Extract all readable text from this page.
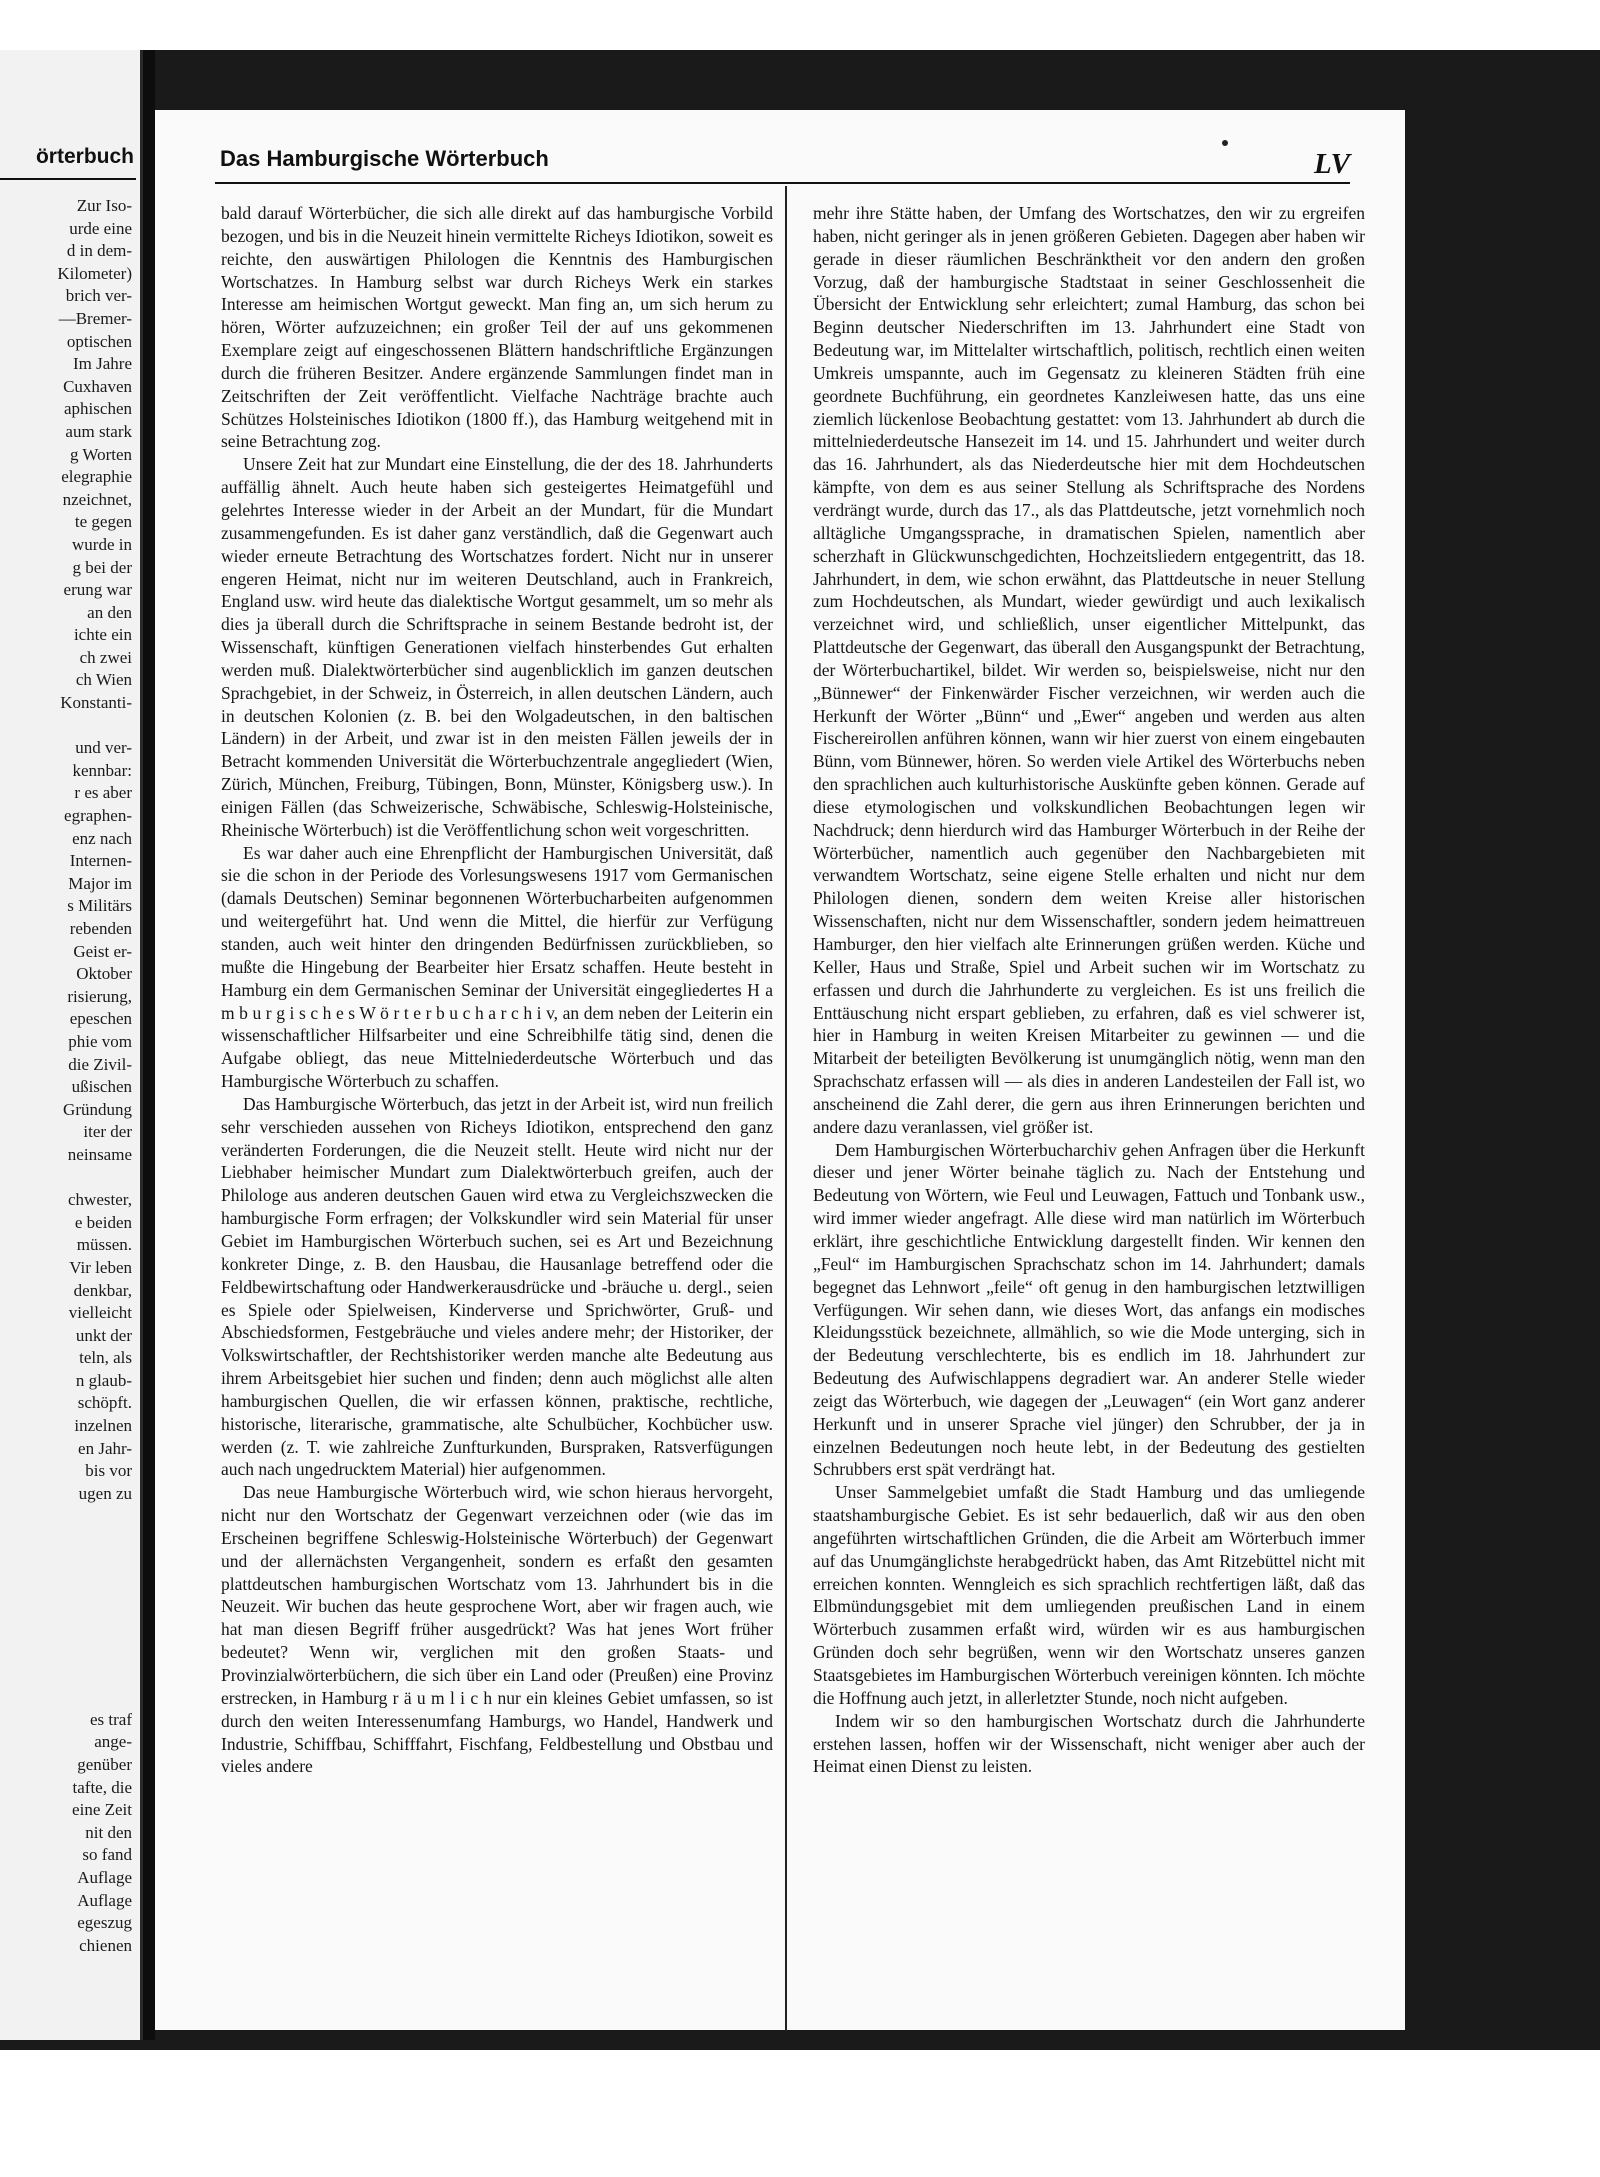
örterbuch
Zur Iso-
urde eine
d in dem-
Kilometer)
brich ver-
—Bremer-
optischen
Im Jahre
Cuxhaven
aphischen
aum stark
g Worten
elegraphie
nzeichnet,
te gegen
wurde in
g bei der
erung war
an den
ichte ein
ch zwei
ch Wien
Konstanti-

und ver-
kennbar:
r es aber
egraphen-
enz nach
Internen-
Major im
s Militärs
rebenden
Geist er-
Oktober
risierung,
epeschen
phie vom
die Zivil-
ußischen
Gründung
iter der
neinsame

chwester,
e beiden
müssen.
Vir leben
denkbar,
vielleicht
unkt der
teln, als
n glaub-
schöpft.
inzelnen
en Jahr-
bis vor
ugen zu

es traf
ange-
genüber
tafte, die
eine Zeit
nit den
so fand
Auflage
Auflage
egeszug
chienen
Das Hamburgische Wörterbuch	LV

bald darauf Wörterbücher, die sich alle direkt auf das hamburgische Vorbild bezogen, und bis in die Neuzeit hinein vermittelte Richeys Idiotikon, soweit es reichte, den auswärtigen Philologen die Kenntnis des Hamburgischen Wortschatzes. In Hamburg selbst war durch Richeys Werk ein starkes Interesse am heimischen Wortgut geweckt. Man fing an, um sich herum zu hören, Wörter aufzuzeichnen; ein großer Teil der auf uns gekommenen Exemplare zeigt auf eingeschossenen Blättern handschriftliche Ergänzungen durch die früheren Besitzer. Andere ergänzende Sammlungen findet man in Zeitschriften der Zeit veröffentlicht. Vielfache Nachträge brachte auch Schützes Holsteinisches Idiotikon (1800 ff.), das Hamburg weitgehend mit in seine Betrachtung zog.

Unsere Zeit hat zur Mundart eine Einstellung, die der des 18. Jahrhunderts auffällig ähnelt. Auch heute haben sich gesteigertes Heimatgefühl und gelehrtes Interesse wieder in der Arbeit an der Mundart, für die Mundart zusammengefunden. Es ist daher ganz verständlich, daß die Gegenwart auch wieder erneute Betrachtung des Wortschatzes fordert. Nicht nur in unserer engeren Heimat, nicht nur im weiteren Deutschland, auch in Frankreich, England usw. wird heute das dialektische Wortgut gesammelt, um so mehr als dies ja überall durch die Schriftsprache in seinem Bestande bedroht ist, der Wissenschaft, künftigen Generationen vielfach hinsterbendes Gut erhalten werden muß. Dialektwörterbücher sind augenblicklich im ganzen deutschen Sprachgebiet, in der Schweiz, in Österreich, in allen deutschen Ländern, auch in deutschen Kolonien (z. B. bei den Wolgadeutschen, in den baltischen Ländern) in der Arbeit, und zwar ist in den meisten Fällen jeweils der in Betracht kommenden Universität die Wörterbuchzentrale angegliedert (Wien, Zürich, München, Freiburg, Tübingen, Bonn, Münster, Königsberg usw.). In einigen Fällen (das Schweizerische, Schwäbische, Schleswig-Holsteinische, Rheinische Wörterbuch) ist die Veröffentlichung schon weit vorgeschritten.

Es war daher auch eine Ehrenpflicht der Hamburgischen Universität, daß sie die schon in der Periode des Vorlesungswesens 1917 vom Germanischen (damals Deutschen) Seminar begonnenen Wörterbucharbeiten aufgenommen und weitergeführt hat. Und wenn die Mittel, die hierfür zur Verfügung standen, auch weit hinter den dringenden Bedürfnissen zurückblieben, so mußte die Hingebung der Bearbeiter hier Ersatz schaffen. Heute besteht in Hamburg ein dem Germanischen Seminar der Universität eingegliedertes H a m b u r g i s c h e s W ö r t e r b u c h a r c h i v, an dem neben der Leiterin ein wissenschaftlicher Hilfsarbeiter und eine Schreibhilfe tätig sind, denen die Aufgabe obliegt, das neue Mittelniederdeutsche Wörterbuch und das Hamburgische Wörterbuch zu schaffen.

Das Hamburgische Wörterbuch, das jetzt in der Arbeit ist, wird nun freilich sehr verschieden aussehen von Richeys Idiotikon, entsprechend den ganz veränderten Forderungen, die die Neuzeit stellt. Heute wird nicht nur der Liebhaber heimischer Mundart zum Dialektwörterbuch greifen, auch der Philologe aus anderen deutschen Gauen wird etwa zu Vergleichszwecken die hamburgische Form erfragen; der Volkskundler wird sein Material für unser Gebiet im Hamburgischen Wörterbuch suchen, sei es Art und Bezeichnung konkreter Dinge, z. B. den Hausbau, die Hausanlage betreffend oder die Feldbewirtschaftung oder Handwerkerausdrücke und -bräuche u. dergl., seien es Spiele oder Spielweisen, Kinderverse und Sprichwörter, Gruß- und Abschiedsformen, Festgebräuche und vieles andere mehr; der Historiker, der Volkswirtschaftler, der Rechtshistoriker werden manche alte Bedeutung aus ihrem Arbeitsgebiet hier suchen und finden; denn auch möglichst alle alten hamburgischen Quellen, die wir erfassen können, praktische, rechtliche, historische, literarische, grammatische, alte Schulbücher, Kochbücher usw. werden (z. T. wie zahlreiche Zunfturkunden, Burspraken, Ratsverfügungen auch nach ungedrucktem Material) hier aufgenommen.

Das neue Hamburgische Wörterbuch wird, wie schon hieraus hervorgeht, nicht nur den Wortschatz der Gegenwart verzeichnen oder (wie das im Erscheinen begriffene Schleswig-Holsteinische Wörterbuch) der Gegenwart und der allernächsten Vergangenheit, sondern es erfaßt den gesamten plattdeutschen hamburgischen Wortschatz vom 13. Jahrhundert bis in die Neuzeit. Wir buchen das heute gesprochene Wort, aber wir fragen auch, wie hat man diesen Begriff früher ausgedrückt? Was hat jenes Wort früher bedeutet? Wenn wir, verglichen mit den großen Staats- und Provinzialwörterbüchern, die sich über ein Land oder (Preußen) eine Provinz erstrecken, in Hamburg r ä u m l i c h nur ein kleines Gebiet umfassen, so ist durch den weiten Interessenumfang Hamburgs, wo Handel, Handwerk und Industrie, Schiffbau, Schifffahrt, Fischfang, Feldbestellung und Obstbau und vieles andere

mehr ihre Stätte haben, der Umfang des Wortschatzes, den wir zu ergreifen haben, nicht geringer als in jenen größeren Gebieten. Dagegen aber haben wir gerade in dieser räumlichen Beschränktheit vor den andern den großen Vorzug, daß der hamburgische Stadtstaat in seiner Geschlossenheit die Übersicht der Entwicklung sehr erleichtert; zumal Hamburg, das schon bei Beginn deutscher Niederschriften im 13. Jahrhundert eine Stadt von Bedeutung war, im Mittelalter wirtschaftlich, politisch, rechtlich einen weiten Umkreis umspannte, auch im Gegensatz zu kleineren Städten früh eine geordnete Buchführung, ein geordnetes Kanzleiwesen hatte, das uns eine ziemlich lückenlose Beobachtung gestattet: vom 13. Jahrhundert ab durch die mittelniederdeutsche Hansezeit im 14. und 15. Jahrhundert und weiter durch das 16. Jahrhundert, als das Niederdeutsche hier mit dem Hochdeutschen kämpfte, von dem es aus seiner Stellung als Schriftsprache des Nordens verdrängt wurde, durch das 17., als das Plattdeutsche, jetzt vornehmlich noch alltägliche Umgangssprache, in dramatischen Spielen, namentlich aber scherzhaft in Glückwunschgedichten, Hochzeitsliedern entgegentritt, das 18. Jahrhundert, in dem, wie schon erwähnt, das Plattdeutsche in neuer Stellung zum Hochdeutschen, als Mundart, wieder gewürdigt und auch lexikalisch verzeichnet wird, und schließlich, unser eigentlicher Mittelpunkt, das Plattdeutsche der Gegenwart, das überall den Ausgangspunkt der Betrachtung, der Wörterbuchartikel, bildet. Wir werden so, beispielsweise, nicht nur den „Bünnewer“ der Finkenwärder Fischer verzeichnen, wir werden auch die Herkunft der Wörter „Bünn“ und „Ewer“ angeben und werden aus alten Fischereirollen anführen können, wann wir hier zuerst von einem eingebauten Bünn, vom Bünnewer, hören. So werden viele Artikel des Wörterbuchs neben den sprachlichen auch kulturhistorische Auskünfte geben können. Gerade auf diese etymologischen und volkskundlichen Beobachtungen legen wir Nachdruck; denn hierdurch wird das Hamburger Wörterbuch in der Reihe der Wörterbücher, namentlich auch gegenüber den Nachbargebieten mit verwandtem Wortschatz, seine eigene Stelle erhalten und nicht nur dem Philologen dienen, sondern dem weiten Kreise aller historischen Wissenschaften, nicht nur dem Wissenschaftler, sondern jedem heimattreuen Hamburger, den hier vielfach alte Erinnerungen grüßen werden. Küche und Keller, Haus und Straße, Spiel und Arbeit suchen wir im Wortschatz zu erfassen und durch die Jahrhunderte zu vergleichen. Es ist uns freilich die Enttäuschung nicht erspart geblieben, zu erfahren, daß es viel schwerer ist, hier in Hamburg in weiten Kreisen Mitarbeiter zu gewinnen — und die Mitarbeit der beteiligten Bevölkerung ist unumgänglich nötig, wenn man den Sprachschatz erfassen will — als dies in anderen Landesteilen der Fall ist, wo anscheinend die Zahl derer, die gern aus ihren Erinnerungen berichten und andere dazu veranlassen, viel größer ist.

Dem Hamburgischen Wörterbucharchiv gehen Anfragen über die Herkunft dieser und jener Wörter beinahe täglich zu. Nach der Entstehung und Bedeutung von Wörtern, wie Feul und Leuwagen, Fattuch und Tonbank usw., wird immer wieder angefragt. Alle diese wird man natürlich im Wörterbuch erklärt, ihre geschichtliche Entwicklung dargestellt finden. Wir kennen den „Feul“ im Hamburgischen Sprachschatz schon im 14. Jahrhundert; damals begegnet das Lehnwort „feile“ oft genug in den hamburgischen letztwilligen Verfügungen. Wir sehen dann, wie dieses Wort, das anfangs ein modisches Kleidungsstück bezeichnete, allmählich, so wie die Mode unterging, sich in der Bedeutung verschlechterte, bis es endlich im 18. Jahrhundert zur Bedeutung des Aufwischlappens degradiert war. An anderer Stelle wieder zeigt das Wörterbuch, wie dagegen der „Leuwagen“ (ein Wort ganz anderer Herkunft und in unserer Sprache viel jünger) den Schrubber, der ja in einzelnen Bedeutungen noch heute lebt, in der Bedeutung des gestielten Schrubbers erst spät verdrängt hat.

Unser Sammelgebiet umfaßt die Stadt Hamburg und das umliegende staatshamburgische Gebiet. Es ist sehr bedauerlich, daß wir aus den oben angeführten wirtschaftlichen Gründen, die die Arbeit am Wörterbuch immer auf das Unumgänglichste herabgedrückt haben, das Amt Ritzebüttel nicht mit erreichen konnten. Wenngleich es sich sprachlich rechtfertigen läßt, daß das Elbmündungsgebiet mit dem umliegenden preußischen Land in einem Wörterbuch zusammen erfaßt wird, würden wir es aus hamburgischen Gründen doch sehr begrüßen, wenn wir den Wortschatz unseres ganzen Staatsgebietes im Hamburgischen Wörterbuch vereinigen könnten. Ich möchte die Hoffnung auch jetzt, in allerletzter Stunde, noch nicht aufgeben.

Indem wir so den hamburgischen Wortschatz durch die Jahrhunderte erstehen lassen, hoffen wir der Wissenschaft, nicht weniger aber auch der Heimat einen Dienst zu leisten.
